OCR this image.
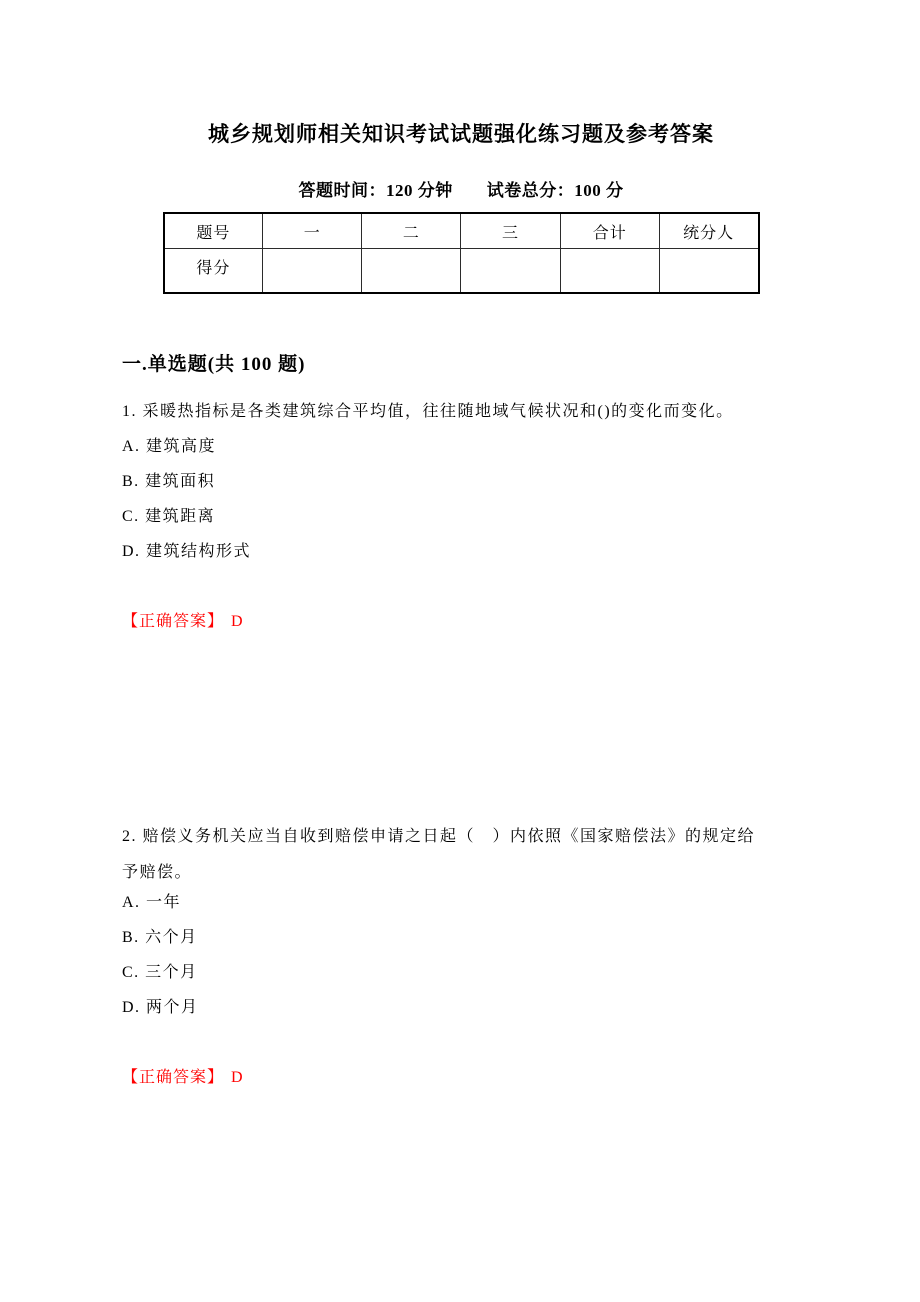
城乡规划师相关知识考试试题强化练习题及参考答案
答题时间：120 分钟 试卷总分：100 分
题号	一	二	三	合计	统分人
得分					
一.单选题(共 100 题)

1. 采暖热指标是各类建筑综合平均值，往往随地域气候状况和()的变化而变化。

A. 建筑高度

B. 建筑面积

C. 建筑距离

D. 建筑结构形式

【正确答案】 D

2. 赔偿义务机关应当自收到赔偿申请之日起（　）内依照《国家赔偿法》的规定给予赔偿。

A. 一年

B. 六个月

C. 三个月

D. 两个月

【正确答案】 D
